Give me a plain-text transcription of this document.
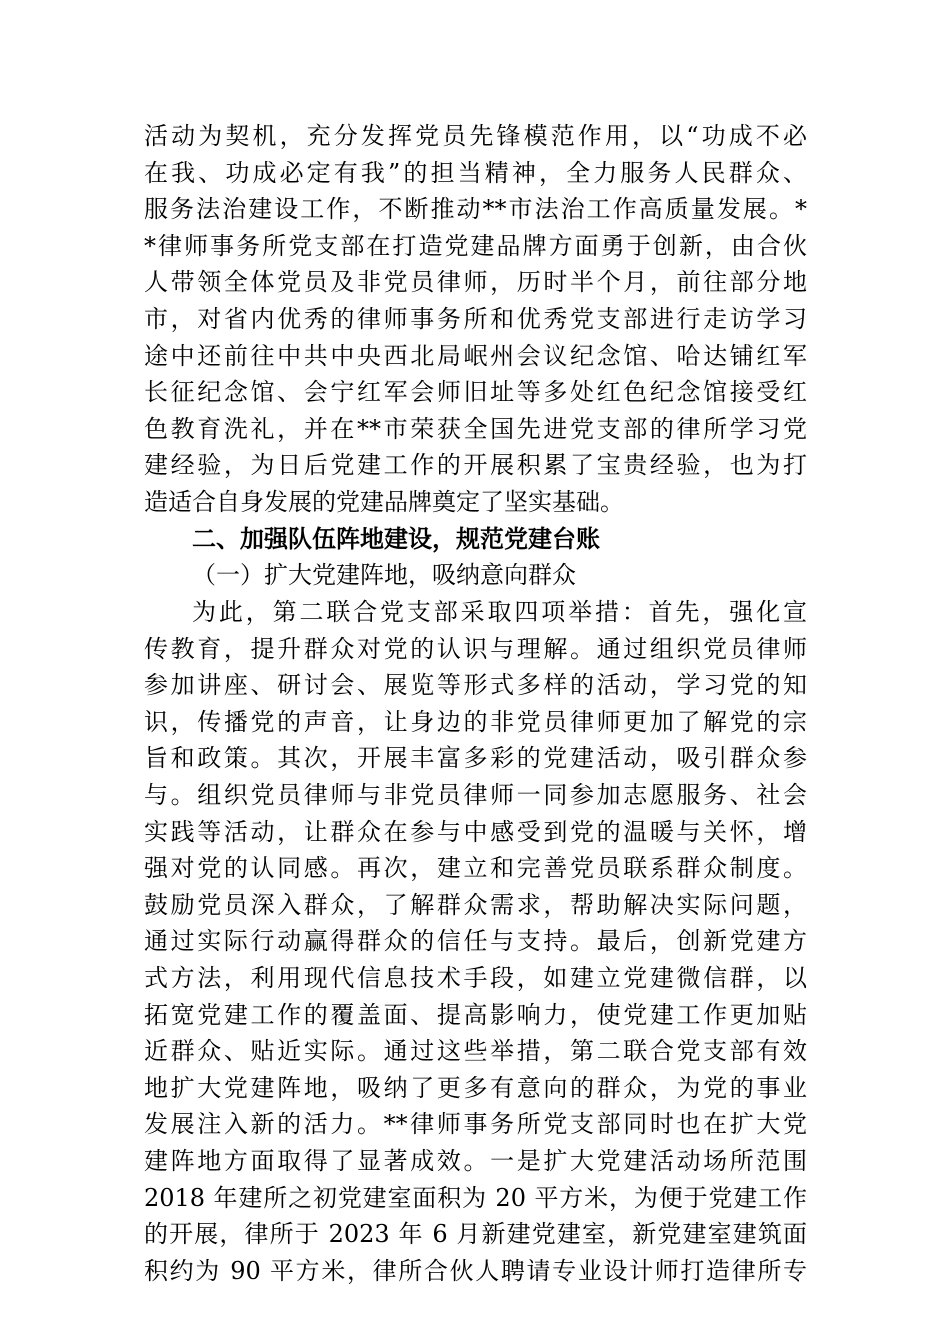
活动为契机，充分发挥党员先锋模范作用，以“功成不必
在我、功成必定有我”的担当精神，全力服务人民群众、
服务法治建设工作，不断推动**市法治工作高质量发展。*
*律师事务所党支部在打造党建品牌方面勇于创新，由合伙
人带领全体党员及非党员律师，历时半个月，前往部分地
市，对省内优秀的律师事务所和优秀党支部进行走访学习
途中还前往中共中央西北局岷州会议纪念馆、哈达铺红军
长征纪念馆、会宁红军会师旧址等多处红色纪念馆接受红
色教育洗礼，并在**市荣获全国先进党支部的律所学习党
建经验，为日后党建工作的开展积累了宝贵经验，也为打
造适合自身发展的党建品牌奠定了坚实基础。
二、加强队伍阵地建设，规范党建台账
（一）扩大党建阵地，吸纳意向群众
为此，第二联合党支部采取四项举措：首先，强化宣
传教育，提升群众对党的认识与理解。通过组织党员律师
参加讲座、研讨会、展览等形式多样的活动，学习党的知
识，传播党的声音，让身边的非党员律师更加了解党的宗
旨和政策。其次，开展丰富多彩的党建活动，吸引群众参
与。组织党员律师与非党员律师一同参加志愿服务、社会
实践等活动，让群众在参与中感受到党的温暖与关怀，增
强对党的认同感。再次，建立和完善党员联系群众制度。
鼓励党员深入群众，了解群众需求，帮助解决实际问题，
通过实际行动赢得群众的信任与支持。最后，创新党建方
式方法，利用现代信息技术手段，如建立党建微信群，以
拓宽党建工作的覆盖面、提高影响力，使党建工作更加贴
近群众、贴近实际。通过这些举措，第二联合党支部有效
地扩大党建阵地，吸纳了更多有意向的群众，为党的事业
发展注入新的活力。**律师事务所党支部同时也在扩大党
建阵地方面取得了显著成效。一是扩大党建活动场所范围
2018 年建所之初党建室面积为 20 平方米，为便于党建工作
的开展，律所于 2023 年 6 月新建党建室，新党建室建筑面
积约为 90 平方米，律所合伙人聘请专业设计师打造律所专
